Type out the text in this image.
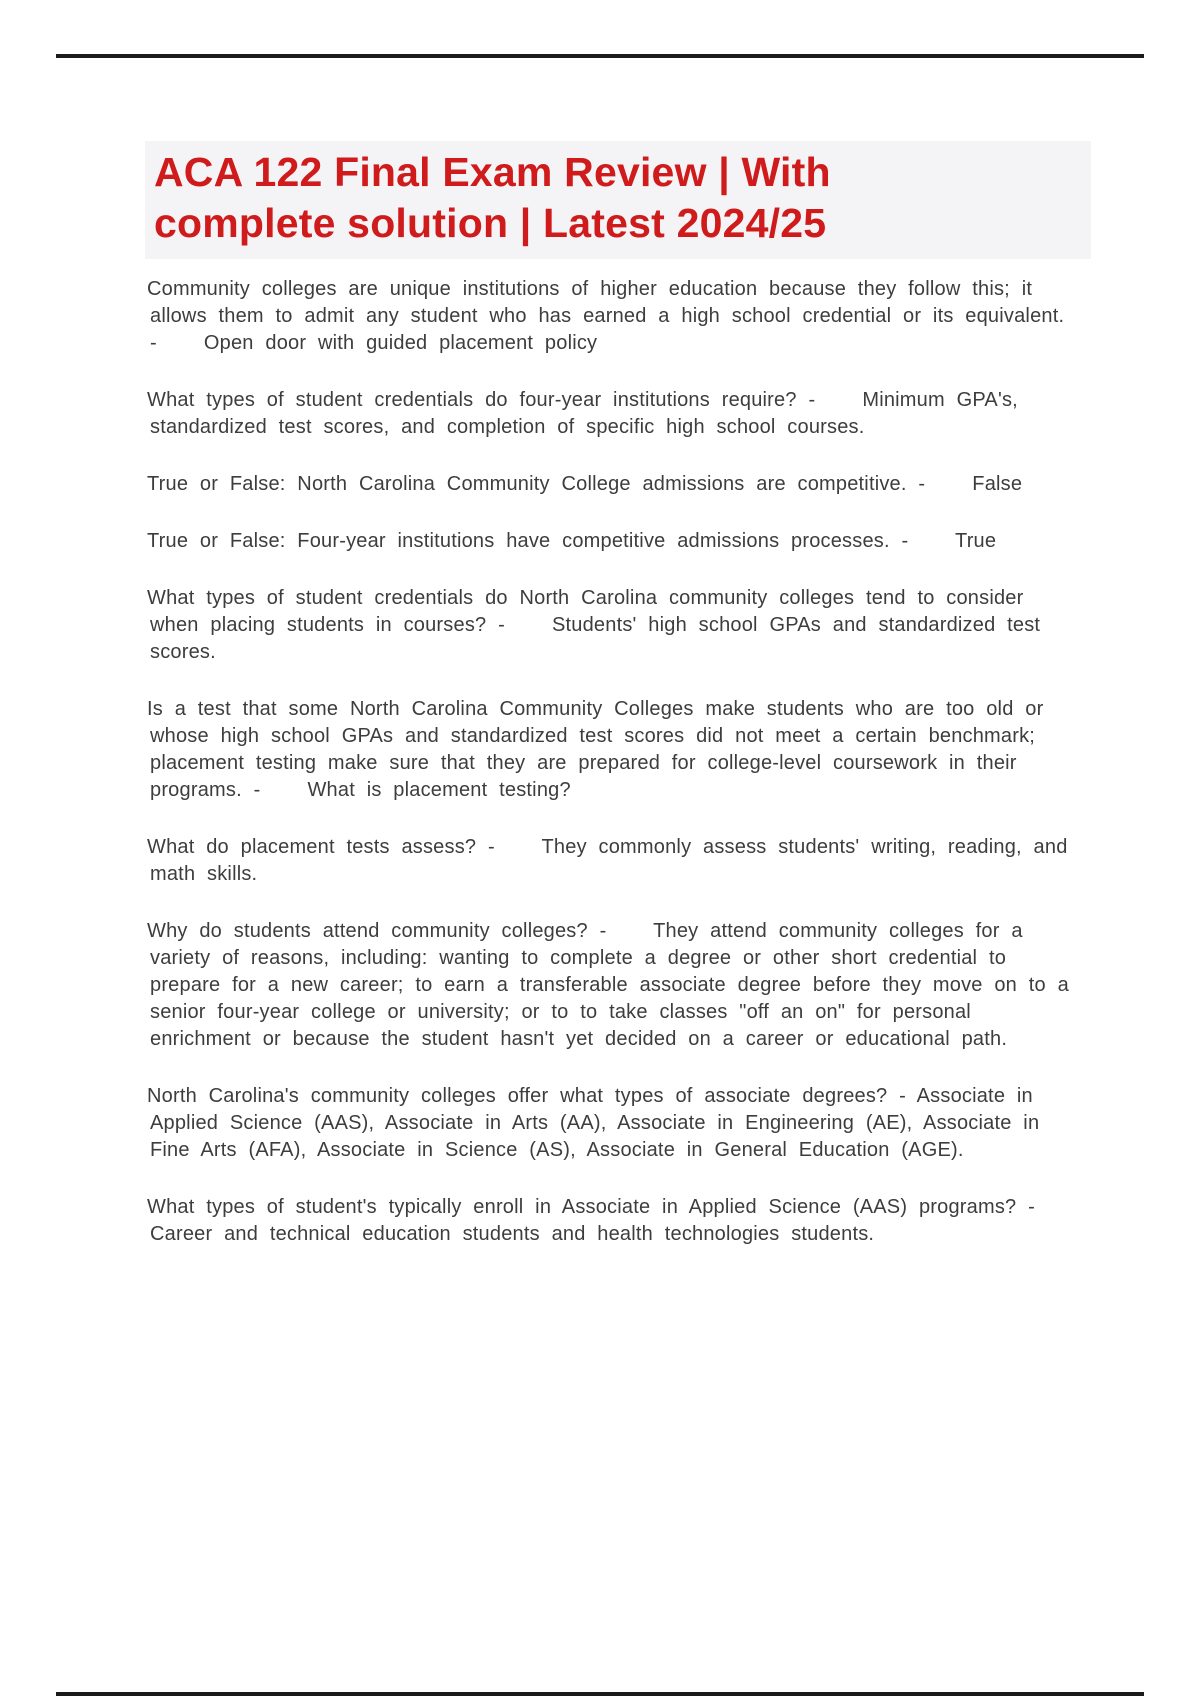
ACA 122 Final Exam Review | With
complete solution | Latest 2024/25

Community colleges are unique institutions of higher education because they follow this; it allows them to admit any student who has earned a high school credential or its equivalent. -    Open door with guided placement policy

What types of student credentials do four-year institutions require? -    Minimum GPA's, standardized test scores, and completion of specific high school courses.

True or False: North Carolina Community College admissions are competitive. -    False

True or False: Four-year institutions have competitive admissions processes. -    True

What types of student credentials do North Carolina community colleges tend to consider when placing students in courses? -    Students' high school GPAs and standardized test scores.

Is a test that some North Carolina Community Colleges make students who are too old or whose high school GPAs and standardized test scores did not meet a certain benchmark; placement testing make sure that they are prepared for college-level coursework in their programs. -    What is placement testing?

What do placement tests assess? -    They commonly assess students' writing, reading, and math skills.

Why do students attend community colleges? -    They attend community colleges for a variety of reasons, including: wanting to complete a degree or other short credential to prepare for a new career; to earn a transferable associate degree before they move on to a senior four-year college or university; or to to take classes "off an on" for personal enrichment or because the student hasn't yet decided on a career or educational path.

North Carolina's community colleges offer what types of associate degrees? - Associate in Applied Science (AAS), Associate in Arts (AA), Associate in Engineering (AE), Associate in Fine Arts (AFA), Associate in Science (AS), Associate in General Education (AGE).

What types of student's typically enroll in Associate in Applied Science (AAS) programs? -    Career and technical education students and health technologies students.
